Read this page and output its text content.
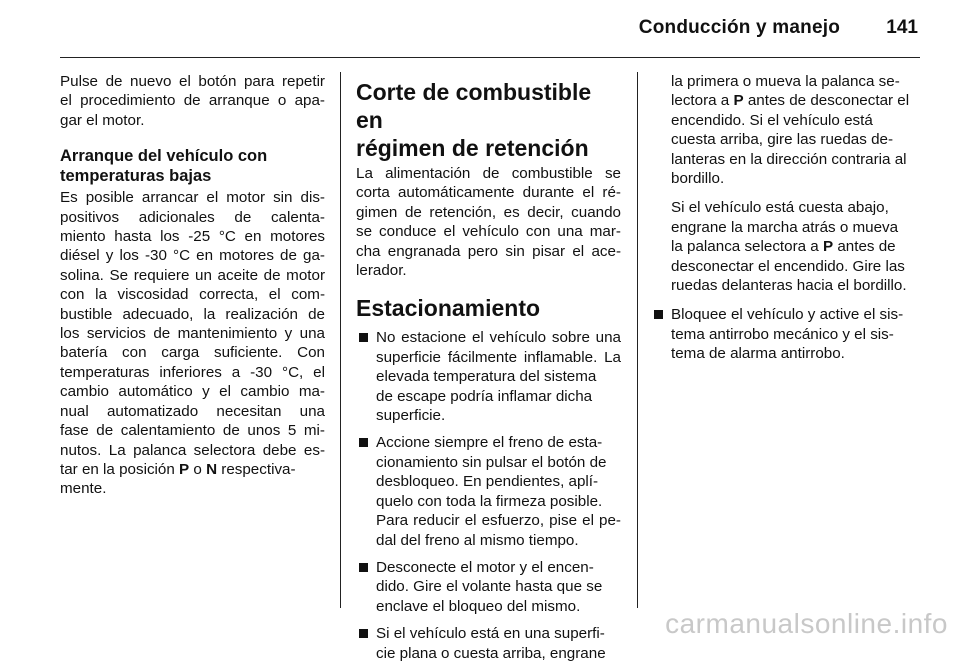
Conducción y manejo 141
Pulse de nuevo el botón para repetir
el procedimiento de arranque o apa-
gar el motor.
Arranque del vehículo con
temperaturas bajas
Es posible arrancar el motor sin dis-
positivos adicionales de calenta-
miento hasta los -25 °C en motores
diésel y los -30 °C en motores de ga-
solina. Se requiere un aceite de motor
con la viscosidad correcta, el com-
bustible adecuado, la realización de
los servicios de mantenimiento y una
batería con carga suficiente. Con
temperaturas inferiores a -30 °C, el
cambio automático y el cambio ma-
nual automatizado necesitan una
fase de calentamiento de unos 5 mi-
nutos. La palanca selectora debe es-
tar en la posición P o N respectiva-
mente.
Corte de combustible en
régimen de retención
La alimentación de combustible se
corta automáticamente durante el ré-
gimen de retención, es decir, cuando
se conduce el vehículo con una mar-
cha engranada pero sin pisar el ace-
lerador.
Estacionamiento
No estacione el vehículo sobre una
superficie fácilmente inflamable. La
elevada temperatura del sistema
de escape podría inflamar dicha
superficie.
Accione siempre el freno de esta-
cionamiento sin pulsar el botón de
desbloqueo. En pendientes, aplí-
quelo con toda la firmeza posible.
Para reducir el esfuerzo, pise el pe-
dal del freno al mismo tiempo.
Desconecte el motor y el encen-
dido. Gire el volante hasta que se
enclave el bloqueo del mismo.
Si el vehículo está en una superfi-
cie plana o cuesta arriba, engrane
la primera o mueva la palanca se-
lectora a P antes de desconectar el
encendido. Si el vehículo está
cuesta arriba, gire las ruedas de-
lanteras en la dirección contraria al
bordillo.
Si el vehículo está cuesta abajo,
engrane la marcha atrás o mueva
la palanca selectora a P antes de
desconectar el encendido. Gire las
ruedas delanteras hacia el bordillo.
Bloquee el vehículo y active el sis-
tema antirrobo mecánico y el sis-
tema de alarma antirrobo.
carmanualsonline.info
